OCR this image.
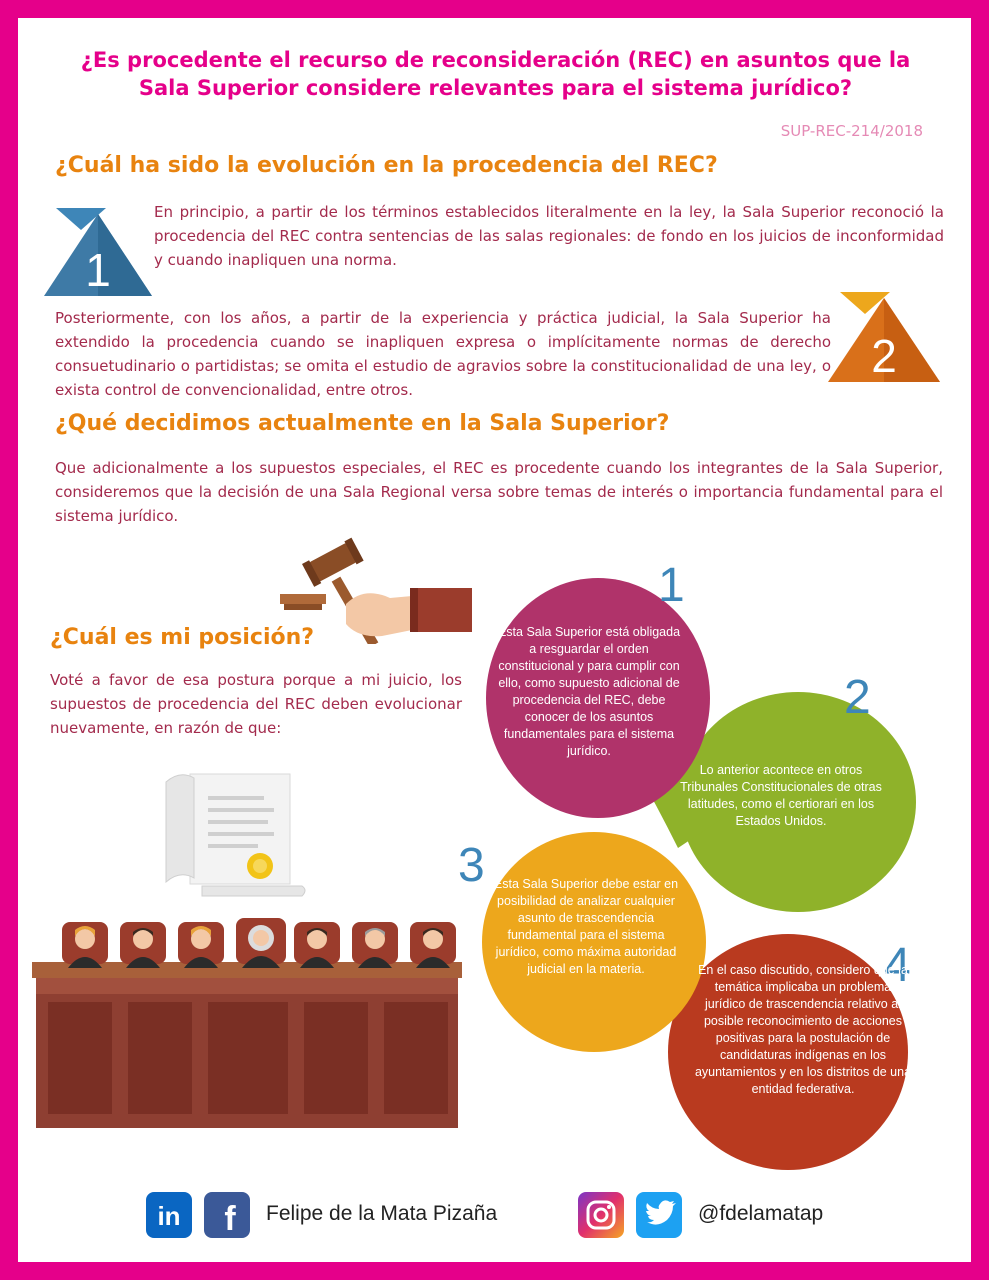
¿Es procedente el recurso de reconsideración (REC) en asuntos que la Sala Superior considere relevantes para el sistema jurídico?
SUP-REC-214/2018
¿Cuál ha sido la evolución en la procedencia del REC?
1
En principio, a partir de los términos establecidos literalmente en la ley, la Sala Superior reconoció la procedencia del REC contra sentencias de las salas regionales: de fondo en los juicios de inconformidad y cuando inapliquen una norma.
Posteriormente, con los años, a partir de la experiencia y práctica judicial, la Sala Superior ha extendido la procedencia cuando se inapliquen expresa o implícitamente normas de derecho consuetudinario o partidistas; se omita el estudio de agravios sobre la constitucionalidad de una ley, o exista control de convencionalidad, entre otros.
2
¿Qué decidimos actualmente en la Sala Superior?
Que adicionalmente a los supuestos especiales, el REC es procedente cuando los integrantes de la Sala Superior, consideremos que la decisión de una Sala Regional versa sobre temas de interés o importancia fundamental para el sistema jurídico.
¿Cuál es mi posición?
Voté a favor de esa postura porque a mi juicio, los supuestos de procedencia del REC deben evolucionar nuevamente, en razón de que:
1
2
3
4
Esta Sala Superior está obligada a resguardar el orden constitucional y para cumplir con ello, como supuesto adicional de procedencia del REC, debe conocer de los asuntos fundamentales para el sistema jurídico.
Lo anterior acontece en otros Tribunales Constitucionales de otras latitudes, como el certiorari en los Estados Unidos.
Esta Sala Superior debe estar en posibilidad de analizar cualquier asunto de trascendencia fundamental para el sistema jurídico, como máxima autoridad judicial en la materia.	En el caso discutido, considero que la temática implicaba un problema jurídico de trascendencia relativo al posible reconocimiento de acciones positivas para la postulación de candidaturas indígenas en los ayuntamientos y en los distritos de una entidad federativa.
in f Felipe de la Mata Pizaña	@fdelamatap
